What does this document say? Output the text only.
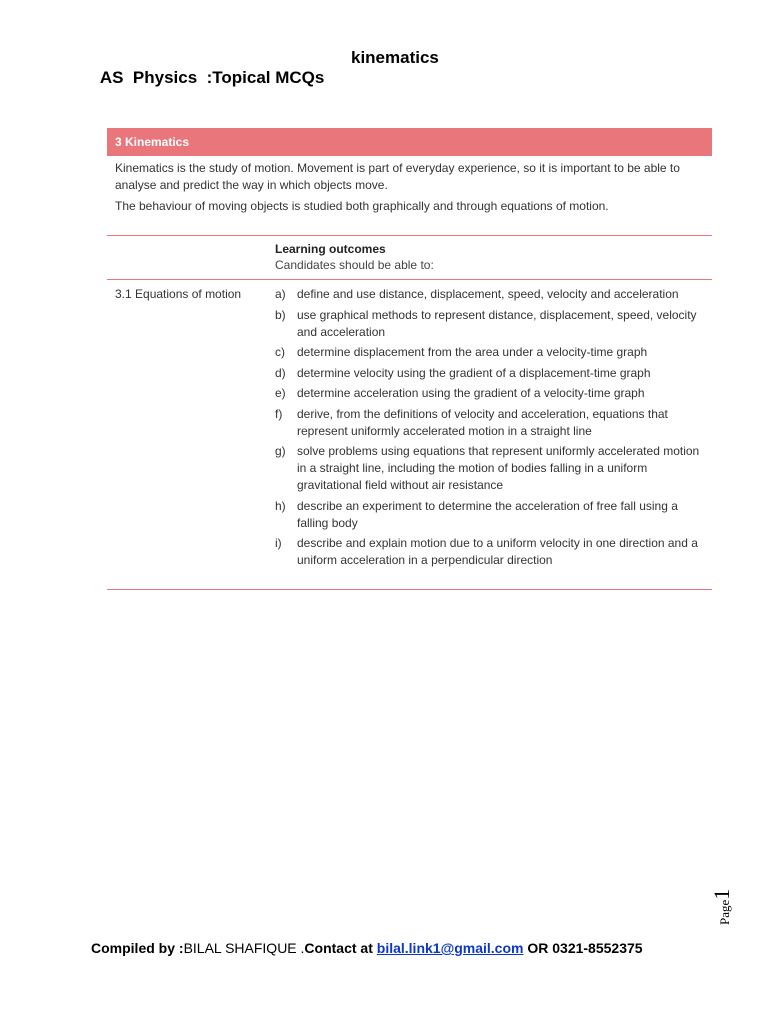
AS  Physics  :Topical MCQs

kinematics

3 Kinematics

Kinematics is the study of motion. Movement is part of everyday experience, so it is important to be able to analyse and predict the way in which objects move.

The behaviour of moving objects is studied both graphically and through equations of motion.

Learning outcomes
Candidates should be able to:
3.1 Equations of motion	a) define and use distance, displacement, speed, velocity and acceleration
b) use graphical methods to represent distance, displacement, speed, velocity and acceleration
c)	determine displacement from the area under a velocity-time graph
d) determine velocity using the gradient of a displacement-time graph
e) determine acceleration using the gradient of a velocity-time graph
f)	derive, from the definitions of velocity and acceleration, equations that represent uniformly accelerated motion in a straight line
g) solve problems using equations that represent uniformly accelerated motion in a straight line, including the motion of bodies falling in a uniform gravitational field without air resistance
h) describe an experiment to determine the acceleration of free fall using a falling body
i)	describe and explain motion due to a uniform velocity in one direction and a uniform acceleration in a perpendicular direction
Page1
Compiled by :BILAL SHAFIQUE .Contact at bilal.link1@gmail.com OR 0321-8552375
